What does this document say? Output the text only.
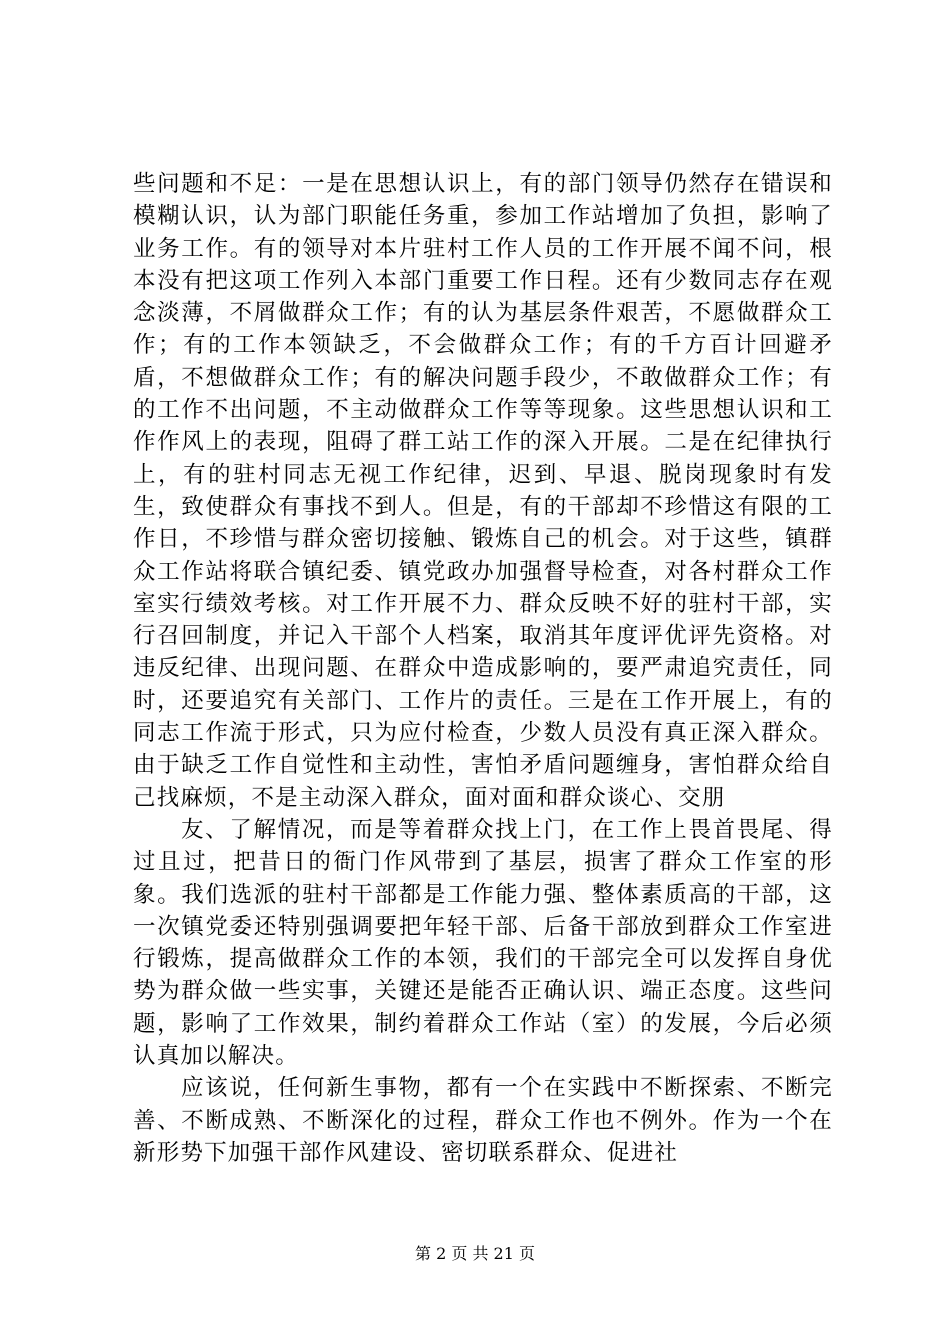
些问题和不足：一是在思想认识上，有的部门领导仍然存在错误和模糊认识，认为部门职能任务重，参加工作站增加了负担，影响了业务工作。有的领导对本片驻村工作人员的工作开展不闻不问，根本没有把这项工作列入本部门重要工作日程。还有少数同志存在观念淡薄，不屑做群众工作；有的认为基层条件艰苦，不愿做群众工作；有的工作本领缺乏，不会做群众工作；有的千方百计回避矛盾，不想做群众工作；有的解决问题手段少，不敢做群众工作；有的工作不出问题，不主动做群众工作等等现象。这些思想认识和工作作风上的表现，阻碍了群工站工作的深入开展。二是在纪律执行上，有的驻村同志无视工作纪律，迟到、早退、脱岗现象时有发生，致使群众有事找不到人。但是，有的干部却不珍惜这有限的工作日，不珍惜与群众密切接触、锻炼自己的机会。对于这些，镇群众工作站将联合镇纪委、镇党政办加强督导检查，对各村群众工作室实行绩效考核。对工作开展不力、群众反映不好的驻村干部，实行召回制度，并记入干部个人档案，取消其年度评优评先资格。对违反纪律、出现问题、在群众中造成影响的，要严肃追究责任，同时，还要追究有关部门、工作片的责任。三是在工作开展上，有的同志工作流于形式，只为应付检查，少数人员没有真正深入群众。由于缺乏工作自觉性和主动性，害怕矛盾问题缠身，害怕群众给自己找麻烦，不是主动深入群众，面对面和群众谈心、交朋

友、了解情况，而是等着群众找上门，在工作上畏首畏尾、得过且过，把昔日的衙门作风带到了基层，损害了群众工作室的形象。我们选派的驻村干部都是工作能力强、整体素质高的干部，这一次镇党委还特别强调要把年轻干部、后备干部放到群众工作室进行锻炼，提高做群众工作的本领，我们的干部完全可以发挥自身优势为群众做一些实事，关键还是能否正确认识、端正态度。这些问题，影响了工作效果，制约着群众工作站（室）的发展，今后必须认真加以解决。

应该说，任何新生事物，都有一个在实践中不断探索、不断完善、不断成熟、不断深化的过程，群众工作也不例外。作为一个在新形势下加强干部作风建设、密切联系群众、促进社

第 2 页 共 21 页
